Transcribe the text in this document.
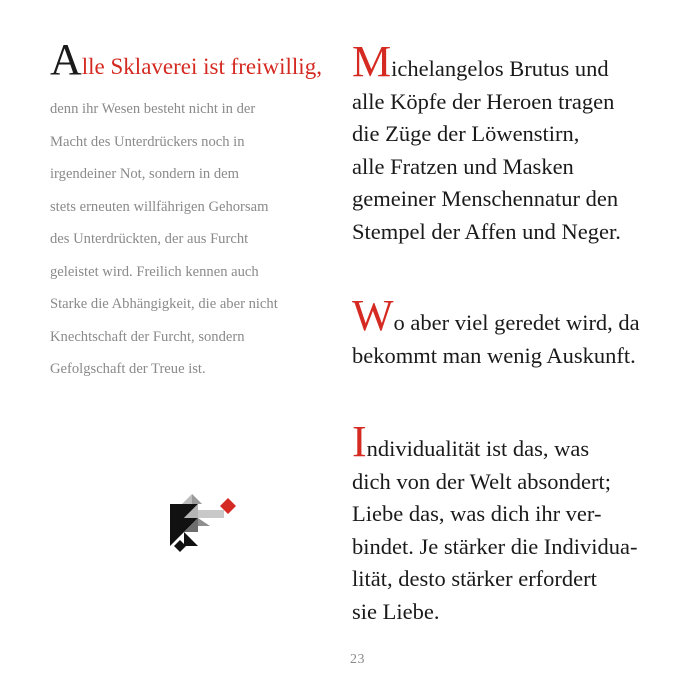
Alle Sklaverei ist freiwillig,
denn ihr Wesen besteht nicht in der
Macht des Unterdrückers noch in
irgendeiner Not, sondern in dem
stets erneuten willfährigen Gehorsam
des Unterdrückten, der aus Furcht
geleistet wird. Freilich kennen auch
Starke die Abhängigkeit, die aber nicht
Knechtschaft der Furcht, sondern
Gefolgschaft der Treue ist.
Michelangelos Brutus und
alle Köpfe der Heroen tragen
die Züge der Löwenstirn,
alle Fratzen und Masken
gemeiner Menschennatur den
Stempel der Affen und Neger.
Wo aber viel geredet wird, da
bekommt man wenig Auskunft.
Individualität ist das, was
dich von der Welt absondert;
Liebe das, was dich ihr ver-
bindet. Je stärker die Individua-
lität, desto stärker erfordert
sie Liebe.
23
